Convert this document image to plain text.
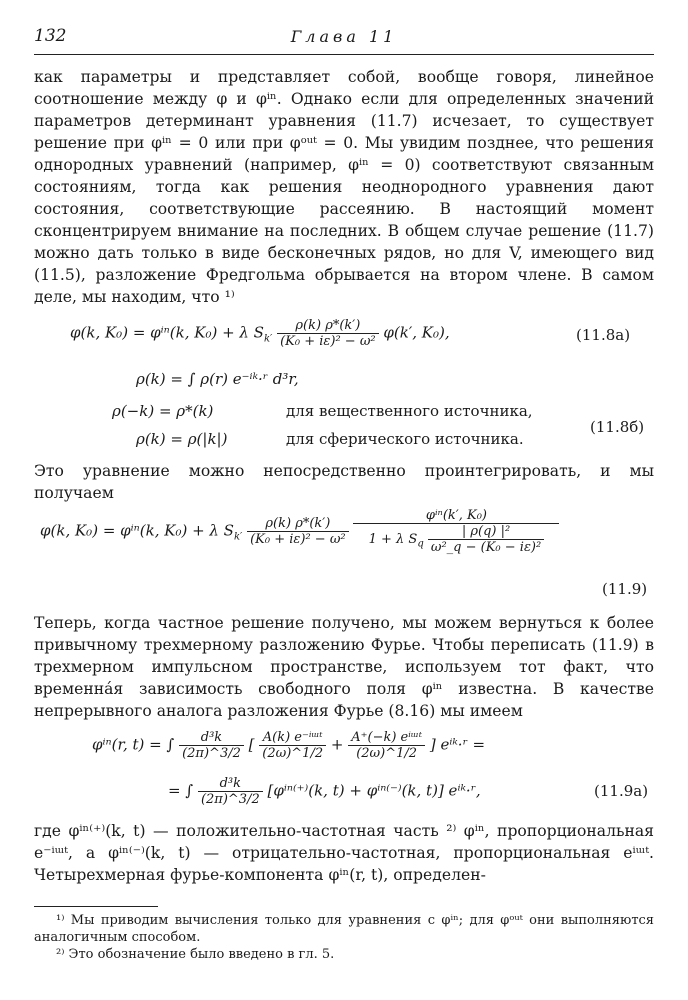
132	Глава 11

как параметры и представляет собой, вообще говоря, линейное соотношение между φ и φⁱⁿ. Однако если для определенных значений параметров детерминант уравнения (11.7) исчезает, то существует решение при φⁱⁿ = 0 или при φᵒᵘᵗ = 0. Мы увидим позднее, что решения однородных уравнений (например, φⁱⁿ = 0) соответствуют связанным состояниям, тогда как решения неоднородного уравнения дают состояния, соответствующие рассеянию. В настоящий момент сконцентрируем внимание на последних. В общем случае решение (11.7) можно дать только в виде бесконечных рядов, но для V, имеющего вид (11.5), разложение Фредгольма обрывается на втором члене. В самом деле, мы находим, что ¹⁾

φ(k, K₀) = φⁱⁿ(k, K₀) + λ $S_{k'} \frac{\rho(k) \rho*(k')}{\text{(K₀ + iε)² − ω²}} \varphi(k'$, K₀),	(11.8а)
ρ(k) = ∫ ρ(r) e⁻ⁱᵏ·ʳ d³r,
ρ(−k) = ρ*(k)	для вещественного источника,
ρ(k) = ρ(|k|)	для сферического источника.
(11.8б)

Это уравнение можно непосредственно проинтегрировать, и мы получаем

φ(k, K₀) = φⁱⁿ(k, K₀) + λ $S_{k'} \frac{\rho(k) \rho*(k')}{\text{(K₀ + iε)² − ω²}}$

φⁱⁿ(k′, K₀)
1 + λ $S_q \frac{\text{| ρ(q) |²}}{\text{ω²\_q − (K₀ − iε)²}}$
(11.9)

Теперь, когда частное решение получено, мы можем вернуться к более привычному трехмерному разложению Фурье. Чтобы переписать (11.9) в трехмерном импульсном пространстве, используем тот факт, что временна́я зависимость свободного поля φⁱⁿ известна. В качестве непрерывного аналога разложения Фурье (8.16) мы имеем

φⁱⁿ(r, t) = ∫ $\frac{\text{d³k}}{(2\pi)\^{}3/2}$ [ $\frac{\text{A(k) e⁻ⁱᵚᵗ}}{(2\omega)\^{}1/2} + \frac{\text{A⁺(−k) eⁱᵚᵗ}}{(2\omega)\^{}1/2}$ ] eⁱᵏ·ʳ =
= ∫ $\frac{\text{d³k}}{(2\pi)\^{}3/2} [\varphi^{in(+)}(k$, t) + φⁱⁿ⁽⁻⁾(k, t)] eⁱᵏ·ʳ,	(11.9а)

где φⁱⁿ⁽⁺⁾(k, t) — положительно-частотная часть ²⁾ φⁱⁿ, пропорциональная e⁻ⁱᵚᵗ, а φⁱⁿ⁽⁻⁾(k, t) — отрицательно-частотная, пропорциональная eⁱᵚᵗ. Четырехмерная фурье-компонента φⁱⁿ(r, t), определен-

¹⁾ Мы приводим вычисления только для уравнения с φⁱⁿ; для φᵒᵘᵗ они выполняются аналогичным способом.

²⁾ Это обозначение было введено в гл. 5.
